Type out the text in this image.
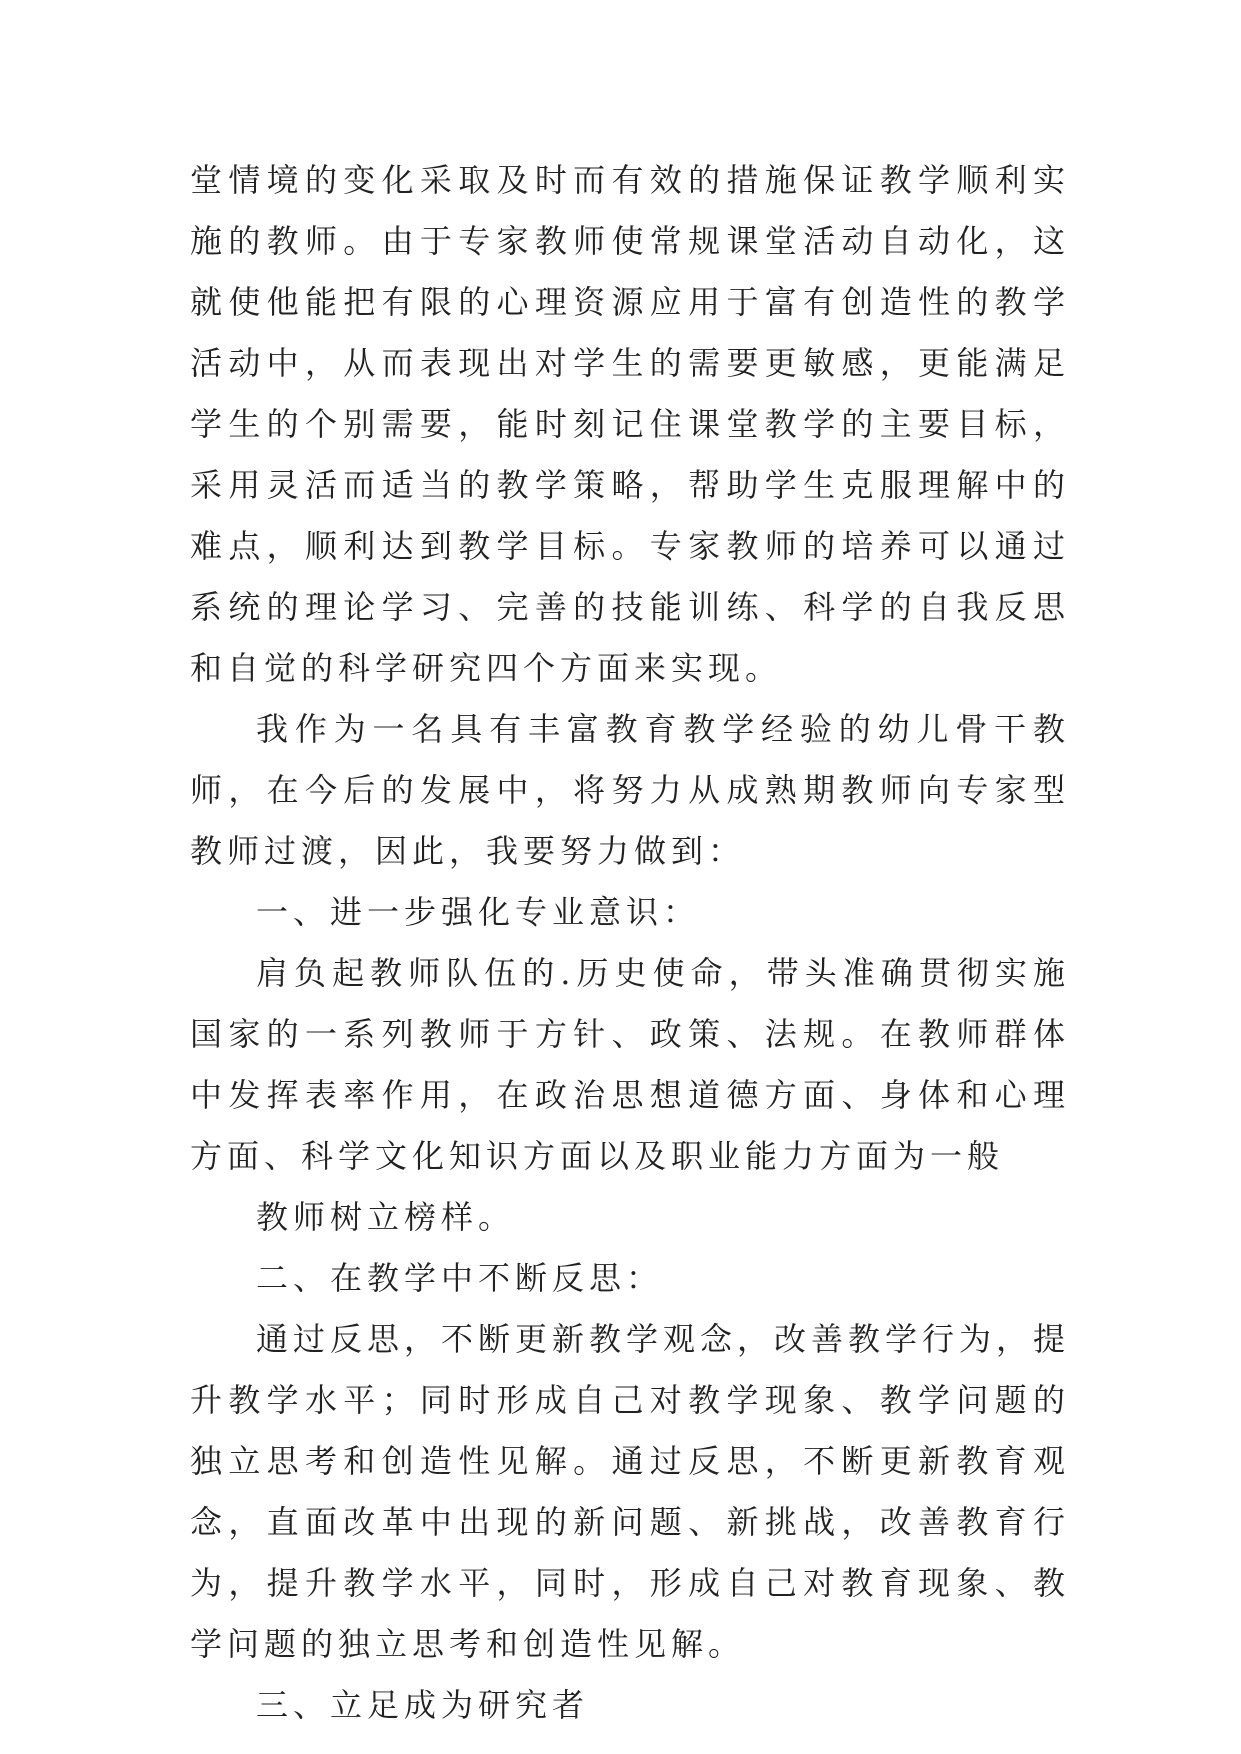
堂情境的变化采取及时而有效的措施保证教学顺利实施的教师。由于专家教师使常规课堂活动自动化，这就使他能把有限的心理资源应用于富有创造性的教学活动中，从而表现出对学生的需要更敏感，更能满足学生的个别需要，能时刻记住课堂教学的主要目标，采用灵活而适当的教学策略，帮助学生克服理解中的难点，顺利达到教学目标。专家教师的培养可以通过系统的理论学习、完善的技能训练、科学的自我反思和自觉的科学研究四个方面来实现。

我作为一名具有丰富教育教学经验的幼儿骨干教师，在今后的发展中，将努力从成熟期教师向专家型教师过渡，因此，我要努力做到：

一、进一步强化专业意识：

肩负起教师队伍的.历史使命，带头准确贯彻实施国家的一系列教师于方针、政策、法规。在教师群体中发挥表率作用，在政治思想道德方面、身体和心理方面、科学文化知识方面以及职业能力方面为一般

教师树立榜样。

二、在教学中不断反思：

通过反思，不断更新教学观念，改善教学行为，提升教学水平；同时形成自己对教学现象、教学问题的独立思考和创造性见解。通过反思，不断更新教育观念，直面改革中出现的新问题、新挑战，改善教育行为，提升教学水平，同时，形成自己对教育现象、教学问题的独立思考和创造性见解。

三、立足成为研究者
